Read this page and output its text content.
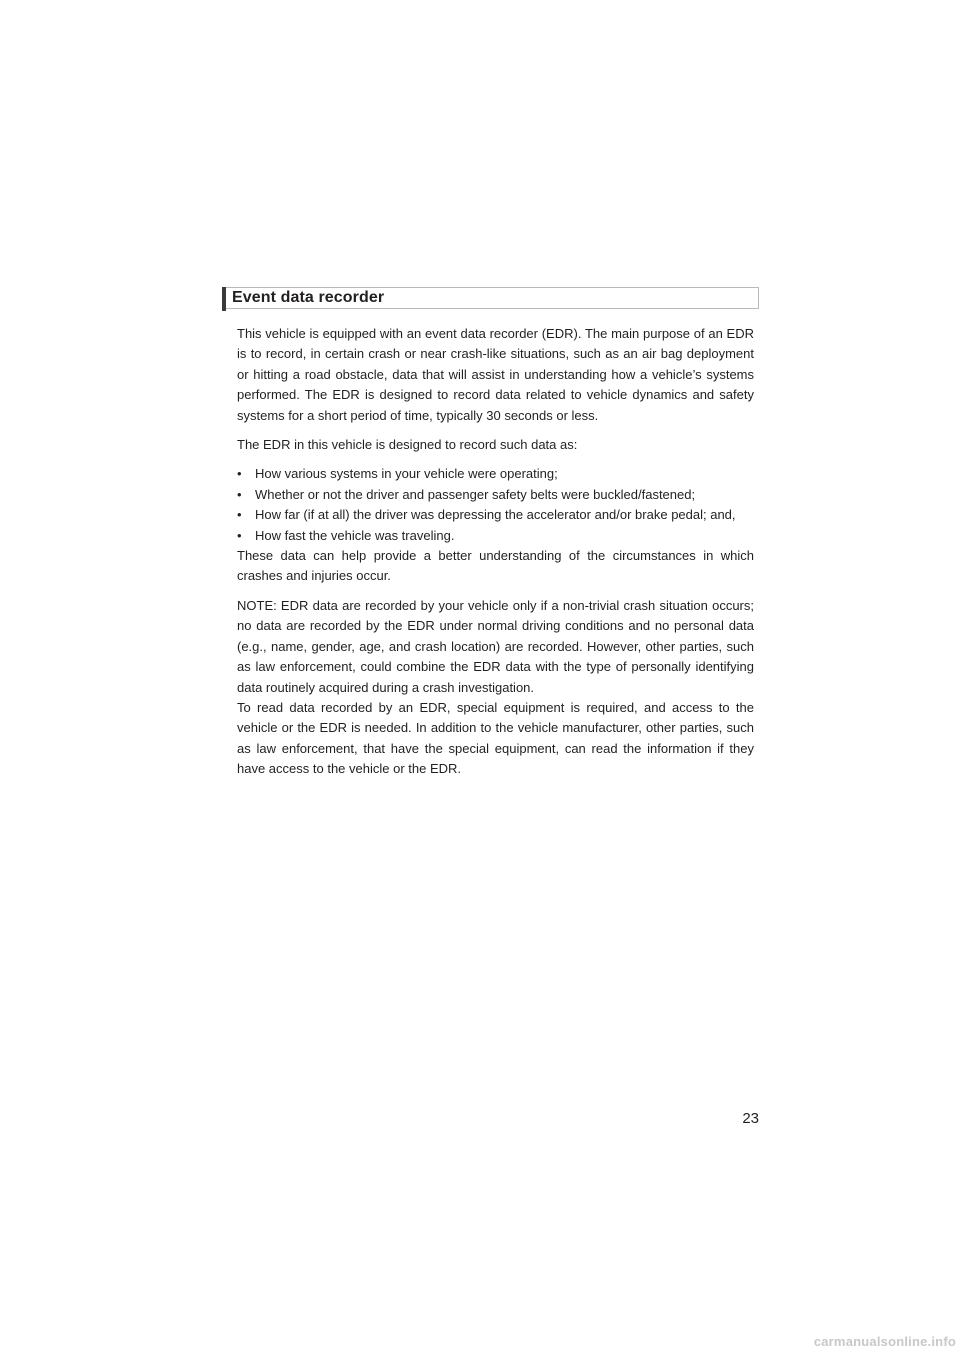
Event data recorder

This vehicle is equipped with an event data recorder (EDR). The main purpose of an EDR is to record, in certain crash or near crash-like situations, such as an air bag deployment or hitting a road obstacle, data that will assist in understanding how a vehicle’s systems performed. The EDR is designed to record data related to vehicle dynamics and safety systems for a short period of time, typically 30 seconds or less.

The EDR in this vehicle is designed to record such data as:

• How various systems in your vehicle were operating;
• Whether or not the driver and passenger safety belts were buckled/fastened;
• How far (if at all) the driver was depressing the accelerator and/or brake pedal; and,
• How fast the vehicle was traveling.

These data can help provide a better understanding of the circumstances in which crashes and injuries occur.

NOTE: EDR data are recorded by your vehicle only if a non-trivial crash situation occurs; no data are recorded by the EDR under normal driving conditions and no personal data (e.g., name, gender, age, and crash location) are recorded. However, other parties, such as law enforcement, could combine the EDR data with the type of personally identifying data routinely acquired during a crash investigation.

To read data recorded by an EDR, special equipment is required, and access to the vehicle or the EDR is needed. In addition to the vehicle manufacturer, other parties, such as law enforcement, that have the special equipment, can read the information if they have access to the vehicle or the EDR.

23
carmanualsonline.info
